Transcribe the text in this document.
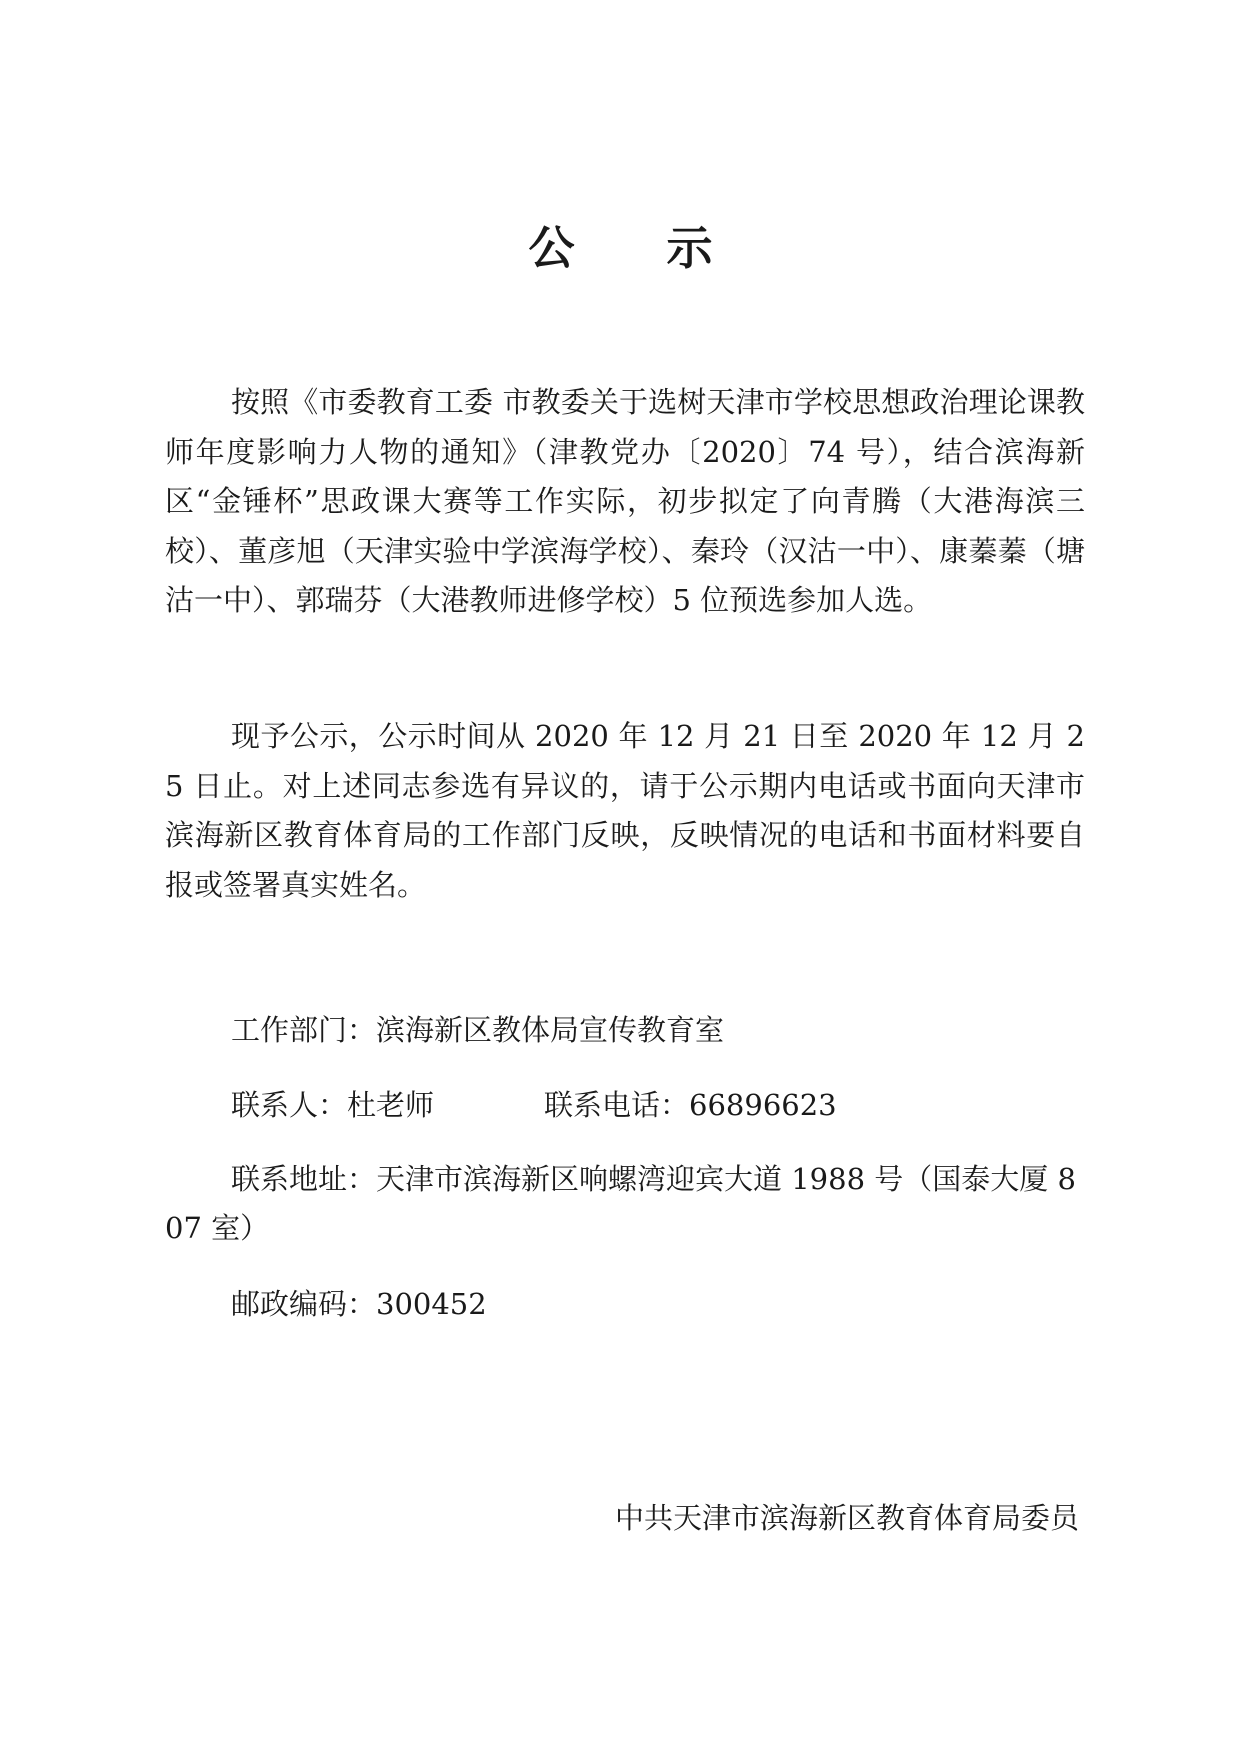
公 示

按照《市委教育工委 市教委关于选树天津市学校思想政治理论课教师年度影响力人物的通知》（津教党办〔2020〕74 号），结合滨海新区“金锤杯”思政课大赛等工作实际，初步拟定了向青腾（大港海滨三校）、董彦旭（天津实验中学滨海学校）、秦玲（汉沽一中）、康蓁蓁（塘沽一中）、郭瑞芬（大港教师进修学校）5 位预选参加人选。

现予公示，公示时间从 2020 年 12 月 21 日至 2020 年 12 月 25 日止。对上述同志参选有异议的，请于公示期内电话或书面向天津市滨海新区教育体育局的工作部门反映，反映情况的电话和书面材料要自报或签署真实姓名。

工作部门：滨海新区教体局宣传教育室

联系人：杜老师	联系电话：66896623

联系地址：天津市滨海新区响螺湾迎宾大道 1988 号（国泰大厦 807 室）

邮政编码：300452

中共天津市滨海新区教育体育局委员
